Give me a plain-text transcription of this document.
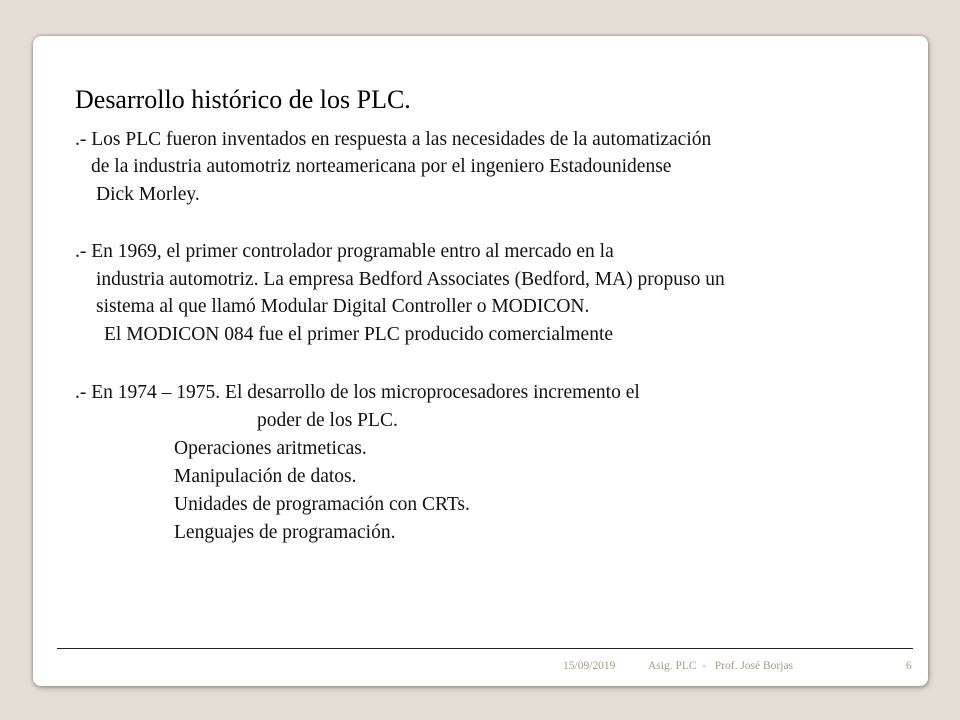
Desarrollo histórico de los PLC.
.- Los PLC fueron inventados en respuesta a las necesidades de la automatización
de la industria automotriz norteamericana por el ingeniero Estadounidense
Dick Morley.
.- En 1969, el primer controlador programable entro al mercado en la
industria automotriz. La empresa Bedford Associates (Bedford, MA) propuso un
sistema al que llamó Modular Digital Controller o MODICON.
El MODICON 084 fue el primer PLC producido comercialmente
.- En 1974 – 1975. El desarrollo de los microprocesadores incremento el
poder de los PLC.
Operaciones aritmeticas.
Manipulación de datos.
Unidades de programación con CRTs.
Lenguajes de programación.
15/09/2019	Asig. PLC  -   Prof. José Borjas	6
